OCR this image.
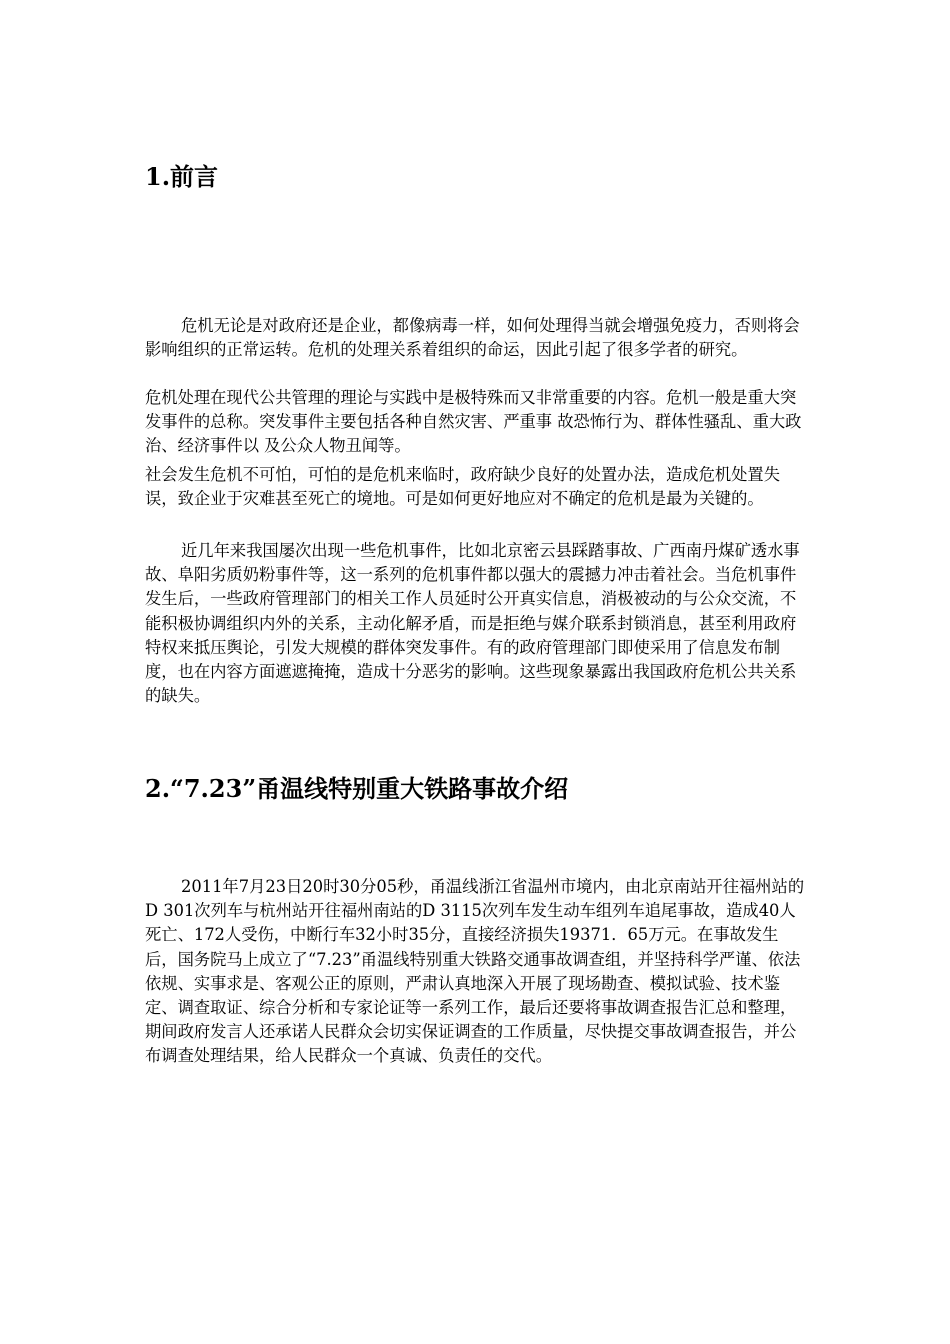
1.前言

危机无论是对政府还是企业，都像病毒一样，如何处理得当就会增强免疫力，否则将会影响组织的正常运转。危机的处理关系着组织的命运，因此引起了很多学者的研究。

危机处理在现代公共管理的理论与实践中是极特殊而又非常重要的内容。危机一般是重大突发事件的总称。突发事件主要包括各种自然灾害、严重事 故恐怖行为、群体性骚乱、重大政治、经济事件以 及公众人物丑闻等。

社会发生危机不可怕，可怕的是危机来临时，政府缺少良好的处置办法，造成危机处置失误，致企业于灾难甚至死亡的境地。可是如何更好地应对不确定的危机是最为关键的。

近几年来我国屡次出现一些危机事件，比如北京密云县踩踏事故、广西南丹煤矿透水事故、阜阳劣质奶粉事件等，这一系列的危机事件都以强大的震撼力冲击着社会。当危机事件发生后，一些政府管理部门的相关工作人员延时公开真实信息，消极被动的与公众交流，不能积极协调组织内外的关系，主动化解矛盾，而是拒绝与媒介联系封锁消息，甚至利用政府特权来抵压舆论，引发大规模的群体突发事件。有的政府管理部门即使采用了信息发布制度，也在内容方面遮遮掩掩，造成十分恶劣的影响。这些现象暴露出我国政府危机公共关系的缺失。

2.“7.23”甬温线特别重大铁路事故介绍

2011年7月23日20时30分05秒，甬温线浙江省温州市境内，由北京南站开往福州站的D 301次列车与杭州站开往福州南站的D 3115次列车发生动车组列车追尾事故，造成40人死亡、172人受伤，中断行车32小时35分，直接经济损失19371．65万元。在事故发生后，国务院马上成立了“7.23”甬温线特别重大铁路交通事故调查组，并坚持科学严谨、依法依规、实事求是、客观公正的原则，严肃认真地深入开展了现场勘查、模拟试验、技术鉴定、调查取证、综合分析和专家论证等一系列工作，最后还要将事故调查报告汇总和整理，期间政府发言人还承诺人民群众会切实保证调查的工作质量，尽快提交事故调查报告，并公布调查处理结果，给人民群众一个真诚、负责任的交代。
